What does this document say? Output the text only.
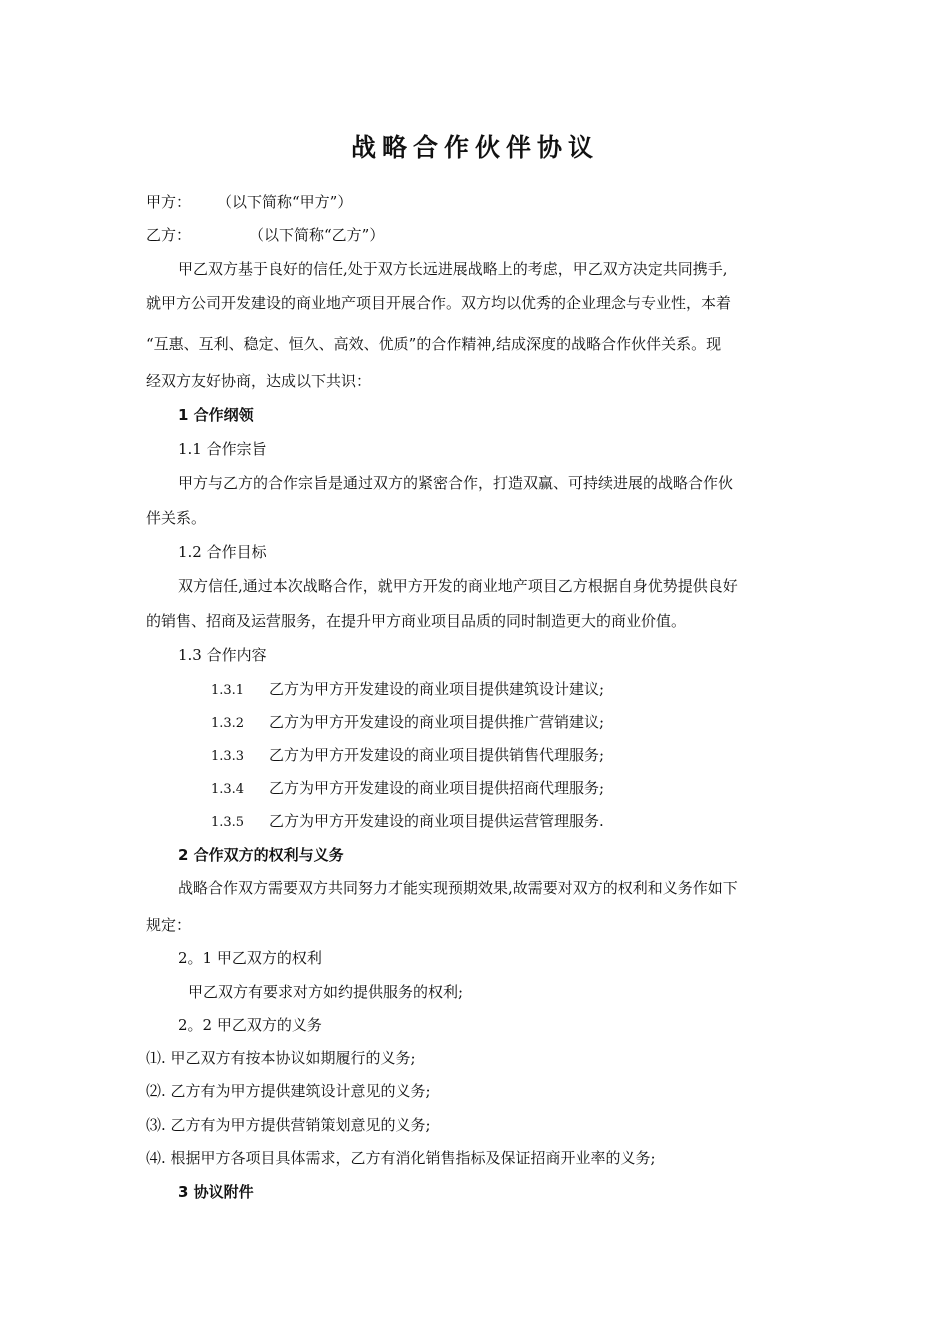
战略合作伙伴协议
甲方： （以下简称“甲方”）
乙方：	（以下简称“乙方”）
甲乙双方基于良好的信任,处于双方长远进展战略上的考虑，甲乙双方决定共同携手,
就甲方公司开发建设的商业地产项目开展合作。双方均以优秀的企业理念与专业性，本着
“互惠、互利、稳定、恒久、高效、优质”的合作精神,结成深度的战略合作伙伴关系。现
经双方友好协商，达成以下共识：
1 合作纲领
1.1 合作宗旨
甲方与乙方的合作宗旨是通过双方的紧密合作，打造双赢、可持续进展的战略合作伙
伴关系。
1.2 合作目标
双方信任,通过本次战略合作，就甲方开发的商业地产项目乙方根据自身优势提供良好
的销售、招商及运营服务，在提升甲方商业项目品质的同时制造更大的商业价值。
1.3 合作内容
1.3.1 乙方为甲方开发建设的商业项目提供建筑设计建议;
1.3.2 乙方为甲方开发建设的商业项目提供推广营销建议;
1.3.3 乙方为甲方开发建设的商业项目提供销售代理服务;
1.3.4 乙方为甲方开发建设的商业项目提供招商代理服务;
1.3.5 乙方为甲方开发建设的商业项目提供运营管理服务.
2 合作双方的权利与义务
战略合作双方需要双方共同努力才能实现预期效果,故需要对双方的权利和义务作如下
规定：
2。1 甲乙双方的权利
甲乙双方有要求对方如约提供服务的权利;
2。2 甲乙双方的义务
⑴. 甲乙双方有按本协议如期履行的义务;
⑵. 乙方有为甲方提供建筑设计意见的义务;
⑶. 乙方有为甲方提供营销策划意见的义务;
⑷. 根据甲方各项目具体需求，乙方有消化销售指标及保证招商开业率的义务;
3 协议附件
